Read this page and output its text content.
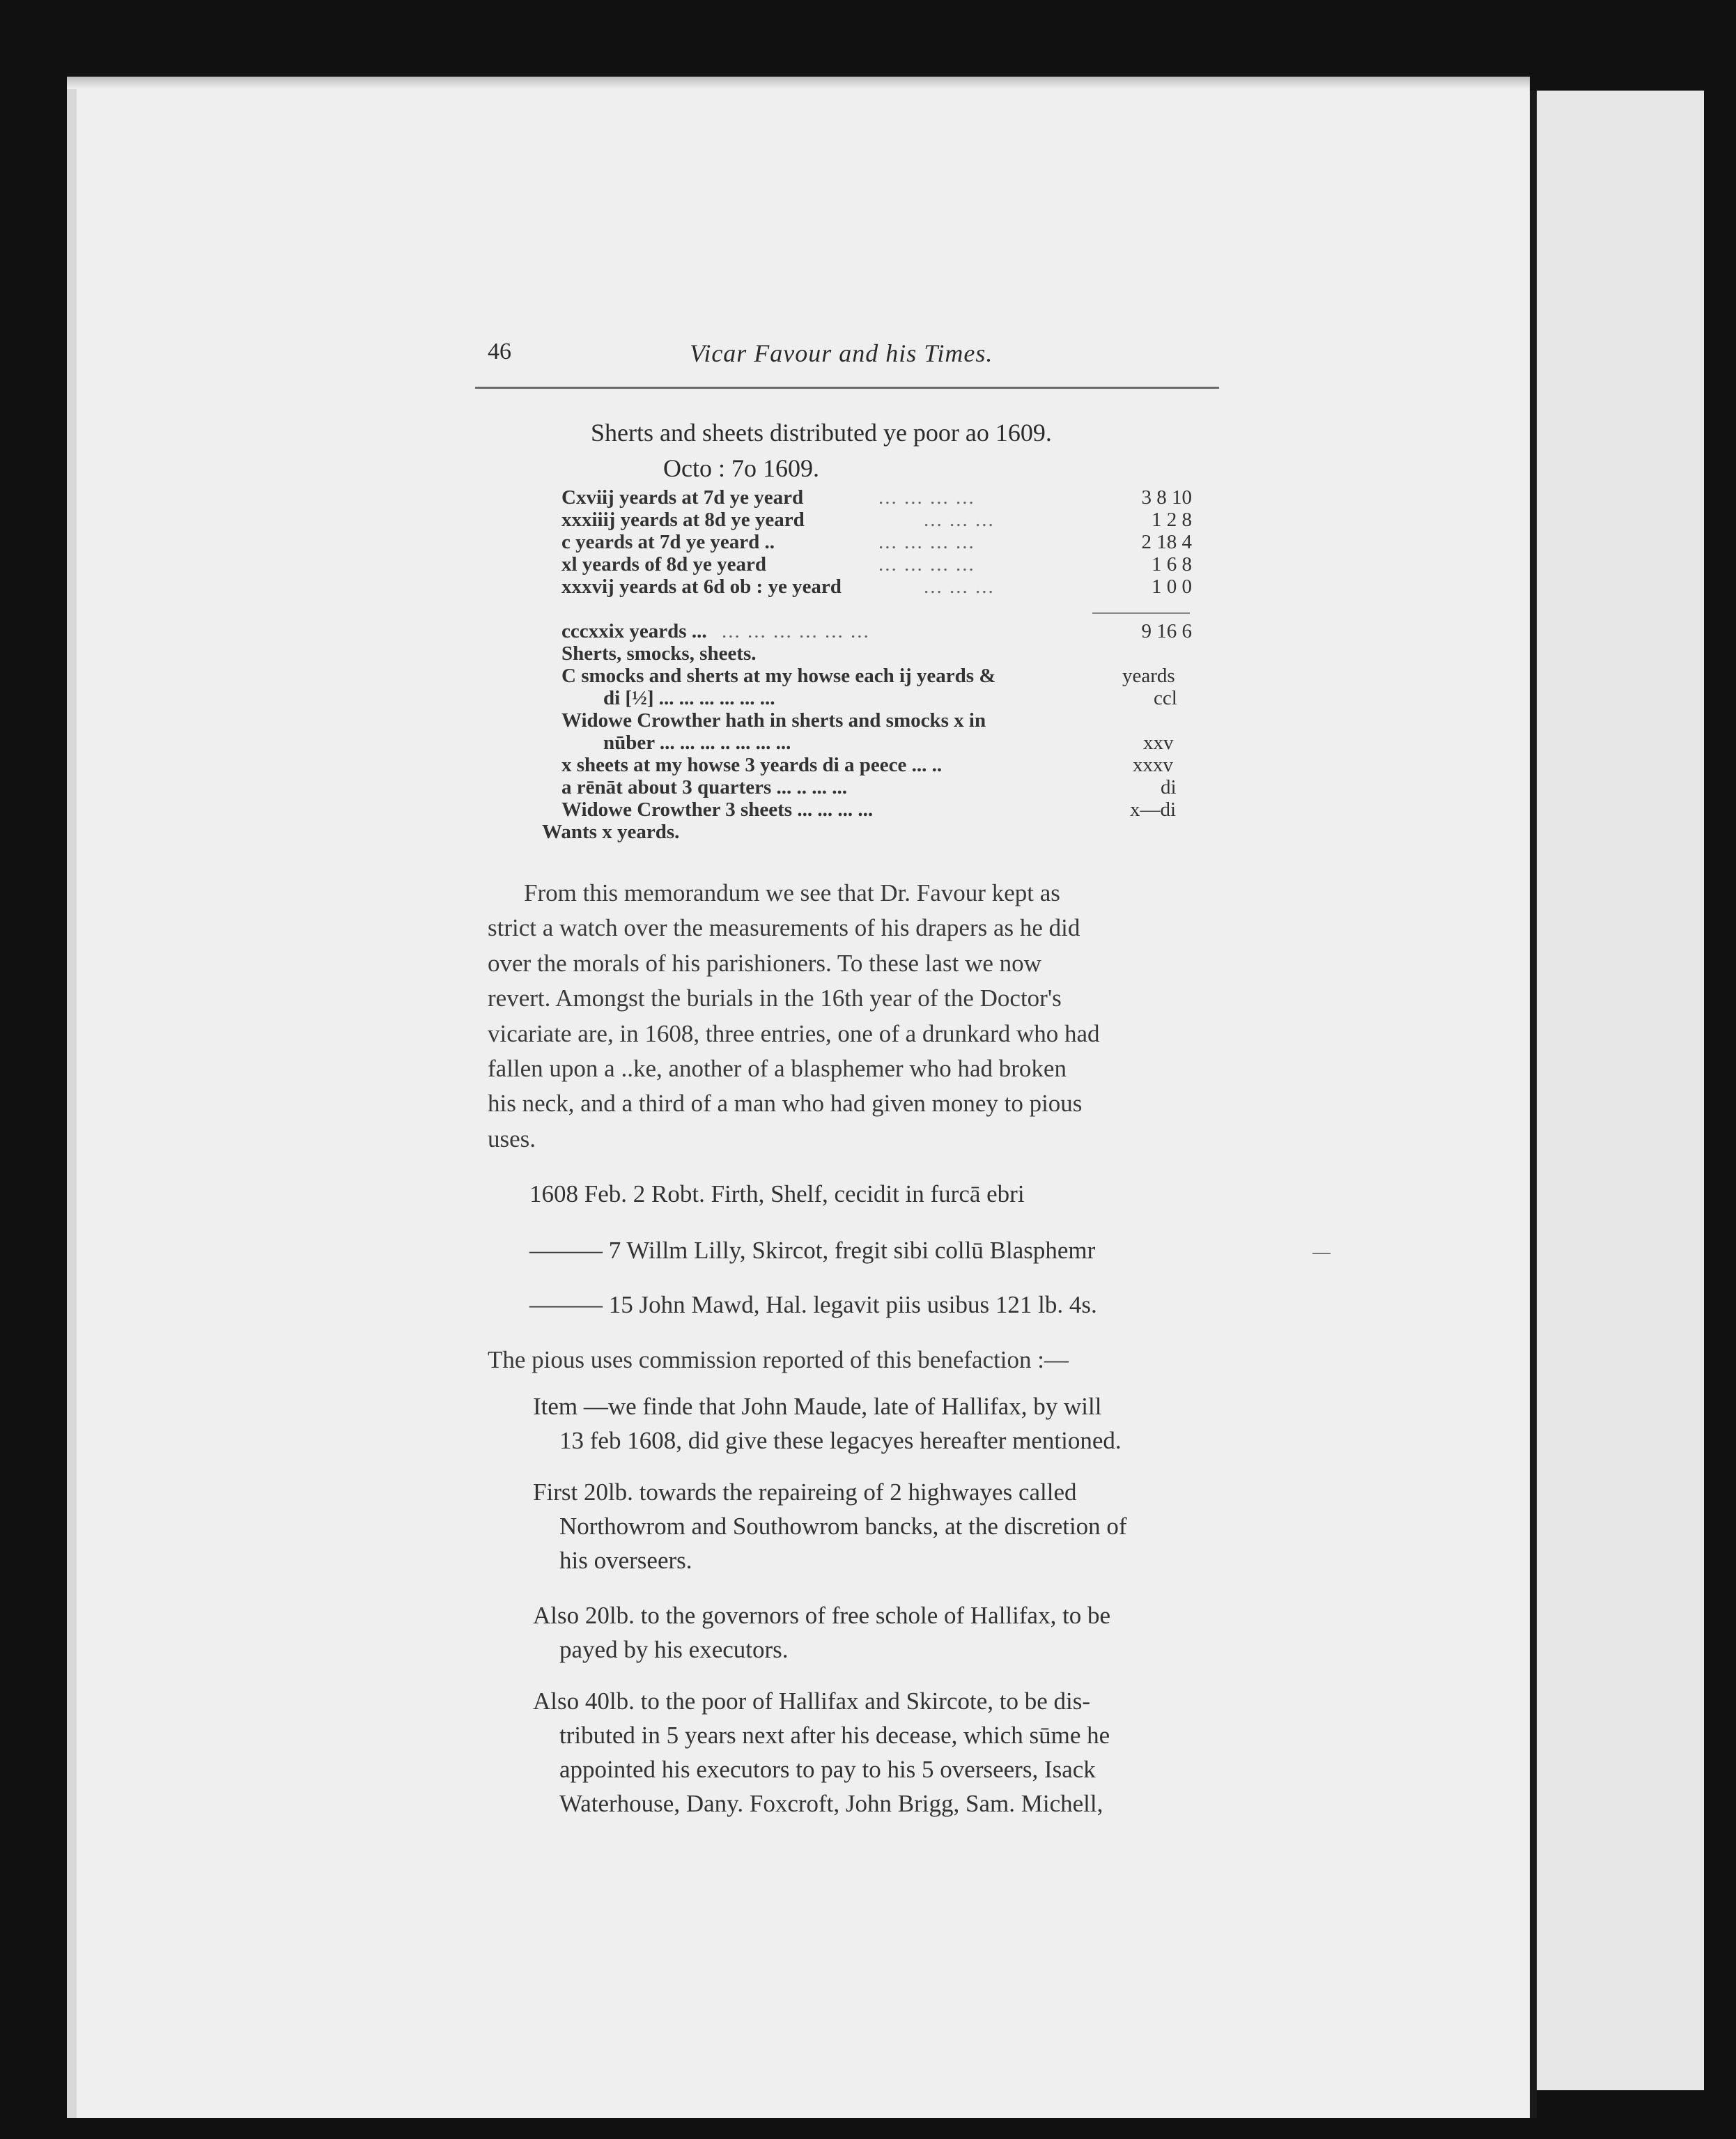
46	Vicar Favour and his Times.
Sherts and sheets distributed ye poor ao 1609.
Octo : 7o 1609.
Cxviij yeards at 7d ye yeard	... ... ... ...	3 8 10
xxxiiij yeards at 8d ye yeard	... ... ...	1 2 8
c yeards at 7d ye yeard ..	... ... ... ...	2 18 4
xl yeards of 8d ye yeard	... ... ... ...	1 6 8
xxxvij yeards at 6d ob : ye yeard	... ... ...	1 0 0
cccxxix yeards ... ... ... ... ... ... ...	9 16 6
Sherts, smocks, sheets.
C smocks and sherts at my howse each ij yeards &	yeards
di [½] ... ... ... ... ... ...	ccl
Widowe Crowther hath in sherts and smocks x in
nūber ... ... ... .. ... ... ...	xxv
x sheets at my howse 3 yeards di a peece ... ..	xxxv
a rēnāt about 3 quarters ... .. ... ...	di
Widowe Crowther 3 sheets ... ... ... ...	x—di
Wants x yeards.
From this memorandum we see that Dr. Favour kept as
strict a watch over the measurements of his drapers as he did
over the morals of his parishioners. To these last we now
revert. Amongst the burials in the 16th year of the Doctor's
vicariate are, in 1608, three entries, one of a drunkard who had
fallen upon a ..ke, another of a blasphemer who had broken
his neck, and a third of a man who had given money to pious
uses.
1608 Feb. 2 Robt. Firth, Shelf, cecidit in furcā ebri
——— 7 Willm Lilly, Skircot, fregit sibi collū Blasphemr
——— 15 John Mawd, Hal. legavit piis usibus 121 lb. 4s.
The pious uses commission reported of this benefaction :—
Item —we finde that John Maude, late of Hallifax, by will
13 feb 1608, did give these legacyes hereafter mentioned.
First 20lb. towards the repaireing of 2 highwayes called
Northowrom and Southowrom bancks, at the discretion of
his overseers.
Also 20lb. to the governors of free schole of Hallifax, to be
payed by his executors.
Also 40lb. to the poor of Hallifax and Skircote, to be dis-
tributed in 5 years next after his decease, which sūme he
appointed his executors to pay to his 5 overseers, Isack
Waterhouse, Dany. Foxcroft, John Brigg, Sam. Michell,
